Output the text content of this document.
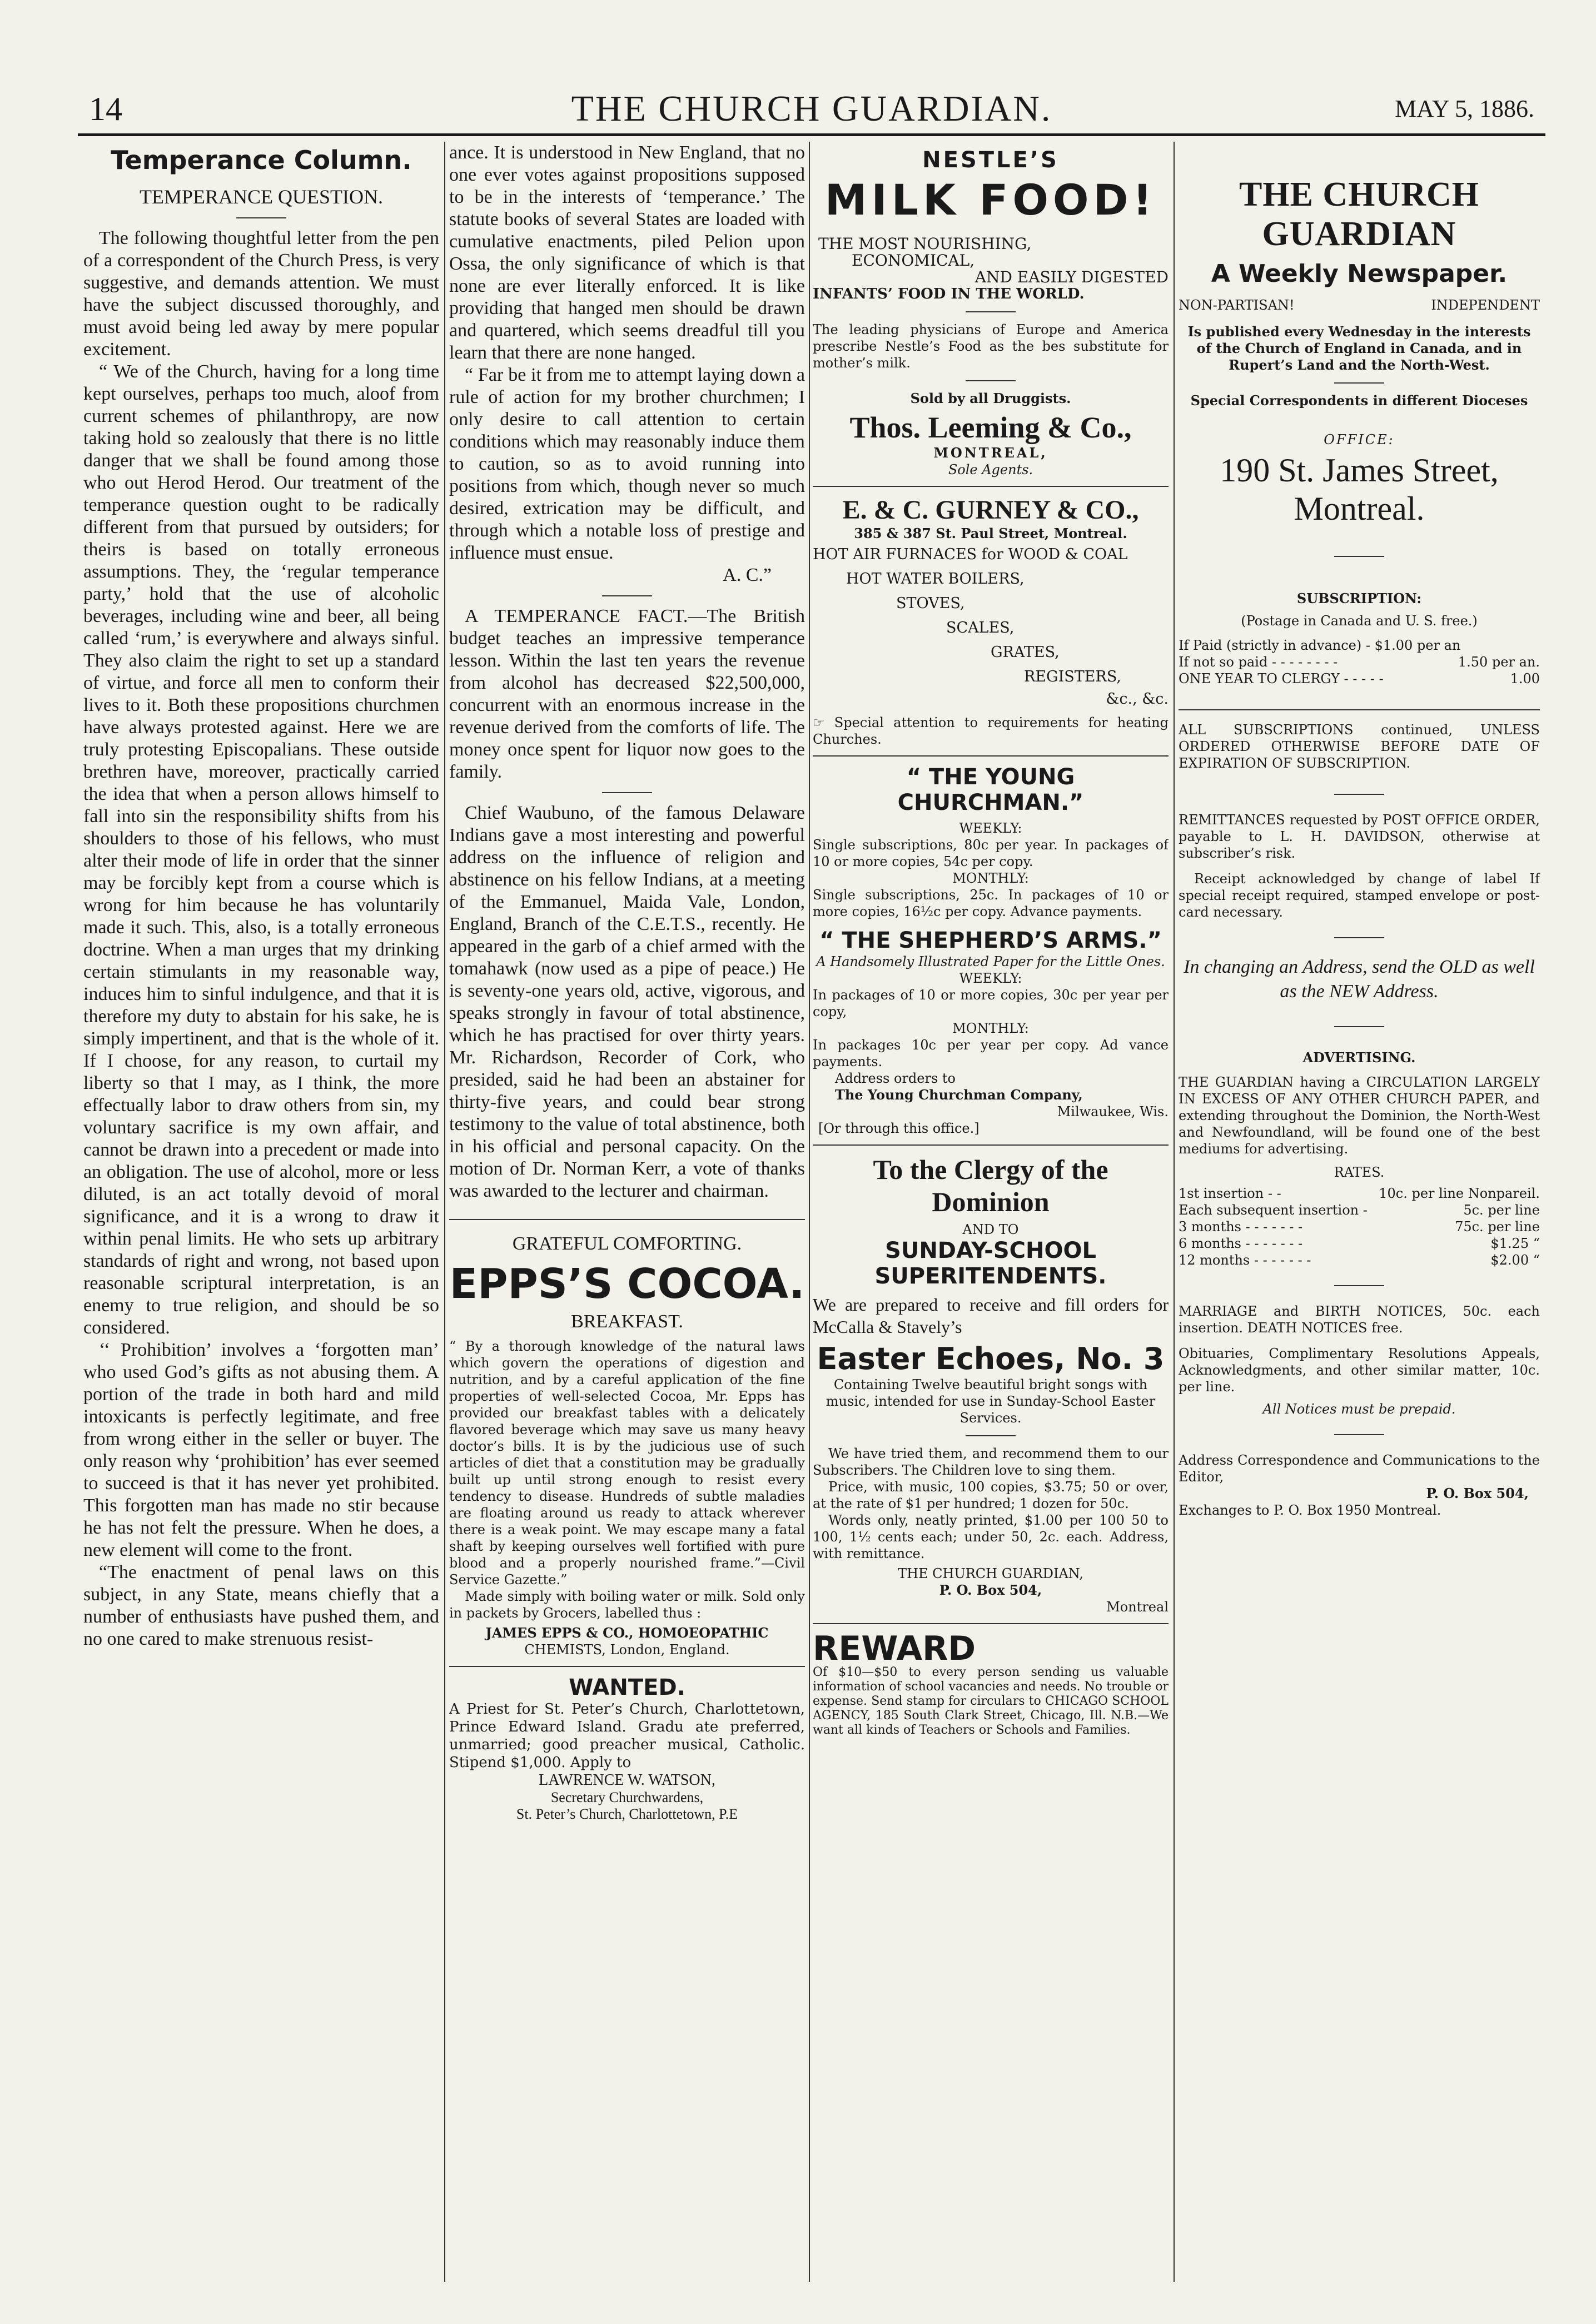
14	THE CHURCH GUARDIAN.	MAY 5, 1886.
Temperance Column.
TEMPERANCE QUESTION.

The following thoughtful letter from the pen of a correspondent of the Church Press, is very suggestive, and demands attention. We must have the subject discussed thoroughly, and must avoid being led away by mere popular excitement.

“ We of the Church, having for a long time kept ourselves, perhaps too much, aloof from current schemes of philanthropy, are now taking hold so zealously that there is no little danger that we shall be found among those who out Herod Herod. Our treatment of the temperance question ought to be radically different from that pursued by outsiders; for theirs is based on totally erroneous assumptions. They, the ‘regular temperance party,’ hold that the use of alcoholic beverages, including wine and beer, all being called ‘rum,’ is everywhere and always sinful. They also claim the right to set up a standard of virtue, and force all men to conform their lives to it. Both these propositions churchmen have always protested against. Here we are truly protesting Episcopalians. These outside brethren have, moreover, practically carried the idea that when a person allows himself to fall into sin the responsibility shifts from his shoulders to those of his fellows, who must alter their mode of life in order that the sinner may be forcibly kept from a course which is wrong for him because he has voluntarily made it such. This, also, is a totally erroneous doctrine. When a man urges that my drinking certain stimulants in my reasonable way, induces him to sinful indulgence, and that it is therefore my duty to abstain for his sake, he is simply impertinent, and that is the whole of it. If I choose, for any reason, to curtail my liberty so that I may, as I think, the more effectually labor to draw others from sin, my voluntary sacrifice is my own affair, and cannot be drawn into a precedent or made into an obligation. The use of alcohol, more or less diluted, is an act totally devoid of moral significance, and it is a wrong to draw it within penal limits. He who sets up arbitrary standards of right and wrong, not based upon reasonable scriptural interpretation, is an enemy to true religion, and should be so considered.

‘‘ Prohibition’ involves a ‘forgotten man’ who used God’s gifts as not abusing them. A portion of the trade in both hard and mild intoxicants is perfectly legitimate, and free from wrong either in the seller or buyer. The only reason why ‘prohibition’ has ever seemed to succeed is that it has never yet prohibited. This forgotten man has made no stir because he has not felt the pressure. When he does, a new element will come to the front.

“The enactment of penal laws on this subject, in any State, means chiefly that a number of enthusiasts have pushed them, and no one cared to make strenuous resist-

ance. It is understood in New England, that no one ever votes against propositions supposed to be in the interests of ‘temperance.’ The statute books of several States are loaded with cumulative enactments, piled Pelion upon Ossa, the only significance of which is that none are ever literally enforced. It is like providing that hanged men should be drawn and quartered, which seems dreadful till you learn that there are none hanged.

“ Far be it from me to attempt laying down a rule of action for my brother churchmen; I only desire to call attention to certain conditions which may reasonably induce them to caution, so as to avoid running into positions from which, though never so much desired, extrication may be difficult, and through which a notable loss of prestige and influence must ensue.

A. C.”

A TEMPERANCE FACT.—The British budget teaches an impressive temperance lesson. Within the last ten years the revenue from alcohol has decreased $22,500,000, concurrent with an enormous increase in the revenue derived from the comforts of life. The money once spent for liquor now goes to the family.

Chief Waubuno, of the famous Delaware Indians gave a most interesting and powerful address on the influence of religion and abstinence on his fellow Indians, at a meeting of the Emmanuel, Maida Vale, London, England, Branch of the C.E.T.S., recently. He appeared in the garb of a chief armed with the tomahawk (now used as a pipe of peace.) He is seventy-one years old, active, vigorous, and speaks strongly in favour of total abstinence, which he has practised for over thirty years. Mr. Richardson, Recorder of Cork, who presided, said he had been an abstainer for thirty-five years, and could bear strong testimony to the value of total abstinence, both in his official and personal capacity. On the motion of Dr. Norman Kerr, a vote of thanks was awarded to the lecturer and chairman.

GRATEFUL COMFORTING.
EPPS’S COCOA.
BREAKFAST.

“ By a thorough knowledge of the natural laws which govern the operations of digestion and nutrition, and by a careful application of the fine properties of well-selected Cocoa, Mr. Epps has provided our breakfast tables with a delicately flavored beverage which may save us many heavy doctor’s bills. It is by the judicious use of such articles of diet that a constitution may be gradually built up until strong enough to resist every tendency to disease. Hundreds of subtle maladies are floating around us ready to attack wherever there is a weak point. We may escape many a fatal shaft by keeping ourselves well fortified with pure blood and a properly nourished frame.”—Civil Service Gazette.”

Made simply with boiling water or milk. Sold only in packets by Grocers, labelled thus :

JAMES EPPS & CO., HOMOEOPATHIC
CHEMISTS, London, England.
WANTED.

A Priest for St. Peter’s Church, Charlottetown, Prince Edward Island. Gradu ate preferred, unmarried; good preacher musical, Catholic. Stipend $1,000. Apply to

LAWRENCE W. WATSON,
Secretary Churchwardens,
St. Peter’s Church, Charlottetown, P.E
NESTLE’S
MILK FOOD!
THE MOST NOURISHING,
ECONOMICAL,
AND EASILY DIGESTED
INFANTS’ FOOD IN THE WORLD.

The leading physicians of Europe and America prescribe Nestle’s Food as the bes substitute for mother’s milk.

Sold by all Druggists.
Thos. Leeming & Co.,
MONTREAL,
Sole Agents.
E. & C. GURNEY & CO.,
385 & 387 St. Paul Street, Montreal.
HOT AIR FURNACES for WOOD & COAL
HOT WATER BOILERS,
STOVES,
SCALES,
GRATES,
REGISTERS,
&c., &c.

☞ Special attention to requirements for heating Churches.

“ THE YOUNG CHURCHMAN.”
WEEKLY:

Single subscriptions, 80c per year. In packages of 10 or more copies, 54c per copy.

MONTHLY:

Single subscriptions, 25c. In packages of 10 or more copies, 16½c per copy. Advance payments.

“ THE SHEPHERD’S ARMS.”
A Handsomely Illustrated Paper for the Little Ones.
WEEKLY:

In packages of 10 or more copies, 30c per year per copy,

MONTHLY:

In packages 10c per year per copy. Ad vance payments.

Address orders to
The Young Churchman Company,
Milwaukee, Wis.
[Or through this office.]
To the Clergy of the Dominion
AND TO
SUNDAY-SCHOOL SUPERITENDENTS.

We are prepared to receive and fill orders for McCalla & Stavely’s

Easter Echoes, No. 3

Containing Twelve beautiful bright songs with music, intended for use in Sunday-School Easter Services.

We have tried them, and recommend them to our Subscribers. The Children love to sing them.

Price, with music, 100 copies, $3.75; 50 or over, at the rate of $1 per hundred; 1 dozen for 50c.

Words only, neatly printed, $1.00 per 100 50 to 100, 1½ cents each; under 50, 2c. each. Address, with remittance.

THE CHURCH GUARDIAN,
P. O. Box 504,
Montreal
REWARD

Of $10—$50 to every person sending us valuable information of school vacancies and needs. No trouble or expense. Send stamp for circulars to CHICAGO SCHOOL AGENCY, 185 South Clark Street, Chicago, Ill. N.B.—We want all kinds of Teachers or Schools and Families.

THE CHURCH GUARDIAN
A Weekly Newspaper.
NON-PARTISAN!	INDEPENDENT

Is published every Wednesday in the interests of the Church of England in Canada, and in Rupert’s Land and the North-West.

Special Correspondents in different Dioceses

OFFICE:
190 St. James Street, Montreal.
SUBSCRIPTION:
(Postage in Canada and U. S. free.)
If Paid (strictly in advance) - $1.00 per an
If not so paid - - - - - - - -	1.50 per an.
ONE YEAR TO CLERGY - - - - -	1.00

ALL SUBSCRIPTIONS continued, UNLESS ORDERED OTHERWISE BEFORE DATE OF EXPIRATION OF SUBSCRIPTION.

REMITTANCES requested by POST OFFICE ORDER, payable to L. H. DAVIDSON, otherwise at subscriber’s risk.

Receipt acknowledged by change of label If special receipt required, stamped envelope or post-card necessary.

In changing an Address, send the OLD as well as the NEW Address.

ADVERTISING.

THE GUARDIAN having a CIRCULATION LARGELY IN EXCESS OF ANY OTHER CHURCH PAPER, and extending throughout the Dominion, the North-West and Newfoundland, will be found one of the best mediums for advertising.

RATES.
1st insertion - -	10c. per line Nonpareil.
Each subsequent insertion -	5c. per line
3 months - - - - - - -	75c. per line
6 months - - - - - - -	$1.25 “
12 months - - - - - - -	$2.00 “

MARRIAGE and BIRTH NOTICES, 50c. each insertion. DEATH NOTICES free.

Obituaries, Complimentary Resolutions Appeals, Acknowledgments, and other similar matter, 10c. per line.

All Notices must be prepaid.

Address Correspondence and Communications to the Editor,

P. O. Box 504,

Exchanges to P. O. Box 1950 Montreal.
